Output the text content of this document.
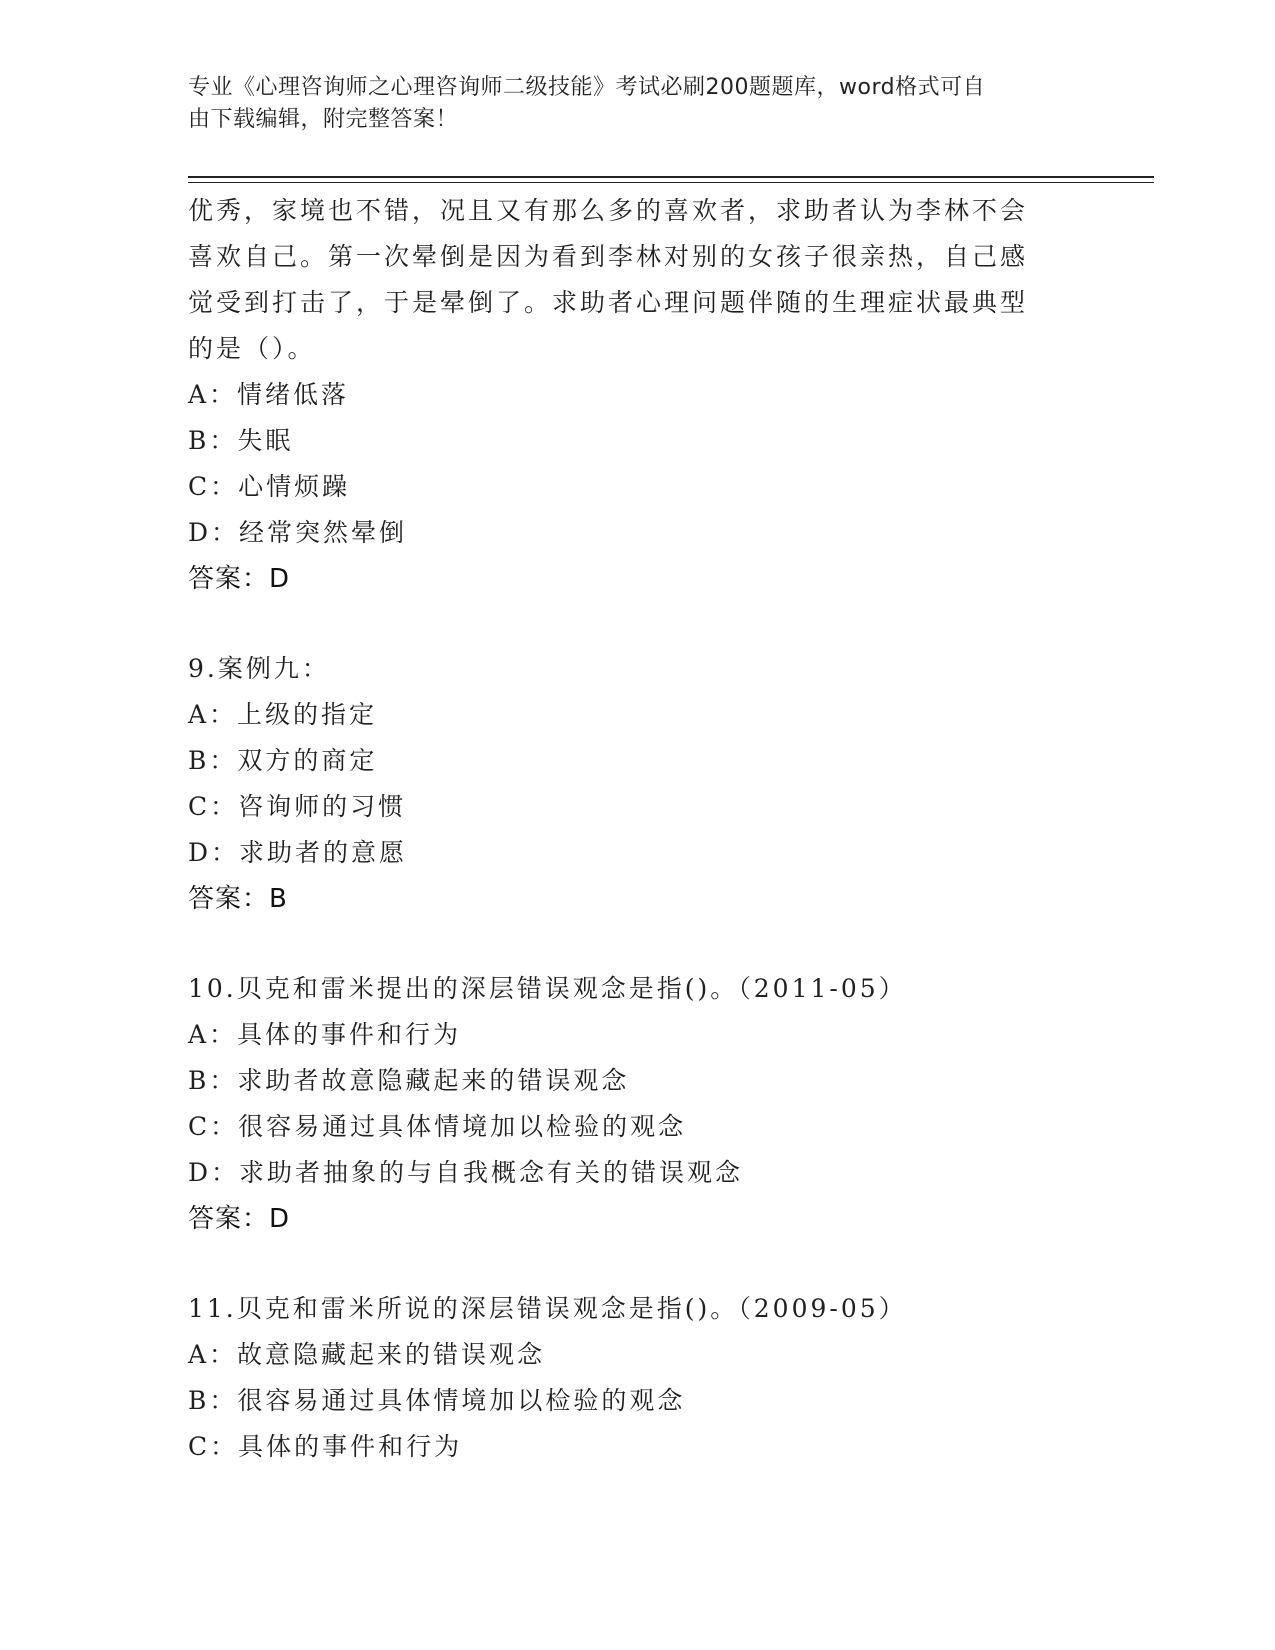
专业《心理咨询师之心理咨询师二级技能》考试必刷200题题库，word格式可自
由下载编辑，附完整答案！
优秀，家境也不错，况且又有那么多的喜欢者，求助者认为李林不会
喜欢自己。第一次晕倒是因为看到李林对别的女孩子很亲热，自己感
觉受到打击了，于是晕倒了。求助者心理问题伴随的生理症状最典型
的是（）。
A：情绪低落
B：失眠
C：心情烦躁
D：经常突然晕倒
答案：D
9.案例九：
A：上级的指定
B：双方的商定
C：咨询师的习惯
D：求助者的意愿
答案：B
10.贝克和雷米提出的深层错误观念是指()。（2011-05）
A：具体的事件和行为
B：求助者故意隐藏起来的错误观念
C：很容易通过具体情境加以检验的观念
D：求助者抽象的与自我概念有关的错误观念
答案：D
11.贝克和雷米所说的深层错误观念是指()。（2009-05）
A：故意隐藏起来的错误观念
B：很容易通过具体情境加以检验的观念
C：具体的事件和行为
